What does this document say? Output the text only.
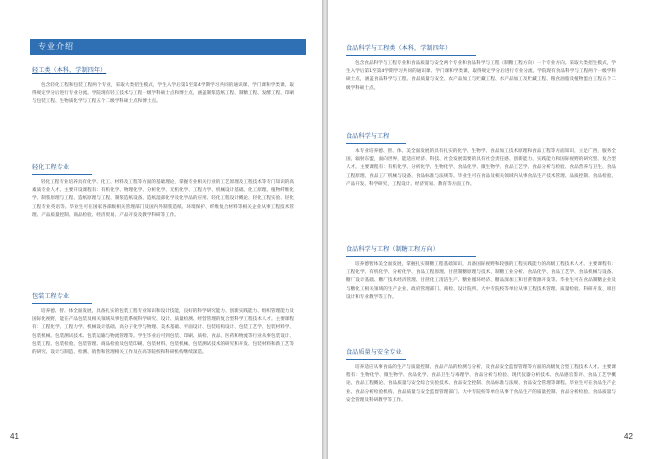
专业介绍
轻工类（本科，学制四年）

包含轻化工程和包装工程两个专业，采取大类招生模式，学生入学后第1至第4学期学习共同的通识课、学门课和学类课，取得规定学分后进行专业分流。学院现有轻工技术与工程一级学科硕士点和博士点，涵盖制浆造纸工程、制糖工程、发酵工程、印刷与包装工程、生物质化学与工程五个二级学科硕士点和博士点。

轻化工程专业

轻化工程专业培养具有化学、化工、材料及工程等方面的基础理论，掌握专业相关行业的工艺原理及工程技术等专门知识的高素质专业人才。主要开设课程有：有机化学、物理化学、分析化学、无机化学、工程力学、机械设计基础、化工原理、植物纤维化学、制浆原理与工程、造纸原理与工程、制浆造纸设备、造纸湿部化学及化学品的应用、轻化工程设计概论、轻化工程实验、轻化工程专业英语等。毕业生可在国家各部级相关管理部门及国内外制浆造纸、环境保护、纤维复合材料等相关企业从事工程技术管理、产品质量控制、商品检验、经济贸易、产品开发及教学科研等工作。

包装工程专业

培养德、智、体全面发展，具备扎实的包装工程专业知识和设计技能，良好的科学研究能力、创新实践能力、组织管理能力及国际化视野，能在产品包装及相关领域从事包装系统科学研究、设计、质量检测、经营管理的复合型科学工程技术人才。主要课程有：工程化学、工程力学、机械设计基础、高分子化学与物理、美术基础、平面设计、包装结构设计、包装工艺学、包装材料学、包装机械、包装测试技术、包装运输与物流管理等。学生毕业后可到包装、印刷、质检、食品、医药和物流等行业从事包装设计、包装工程、包装检验、包装管理、商品检验及包装印刷、包装材料、包装机械、包装测试技术的研究和开发、包装材料和新工艺等的研究、设计与制造、检测、销售和管理相关工作及在高等院校和科研机构继续深造。

41
食品科学与工程类（本科，学制四年）

包含食品科学与工程专业和食品质量与安全两个专业和食品科学与工程（制糖工程方向）一个专业方向。采取大类招生模式，学生入学后第1至第4学期学习共同的通识课、学门课和学类课，取得规定学分后进行专业分流。学院现有食品科学与工程两个一级学科硕士点，涵盖食品科学与工程、食品质量与安全、农产品加工与贮藏工程、水产品加工及贮藏工程、粮食油脂及植物蛋白工程五个二级学科硕士点。

食品科学与工程

本专业培养德、智、体、美全面发展的具有扎实的化学、生物学、食品加工技术原理和食品工程等方面知识，立足广西，服务全国，辐射东盟，面向世界，能适应经济、科技、社会发展需要的具有社会责任感、创新能力、实践能力和国际视野的研究型、复合型人才。主要课程有：有机化学、分析化学、生物化学、食品化学、微生物学、食品工艺学、食品分析与检验、食品营养与卫生、食品工程原理、食品工厂机械与设备、食品标准与法规等。毕业生可在食品及相关领域内从事食品生产技术管理、品质控制、食品检验、产品开发、科学研究、工程设计、经济贸易、教育等方面工作。

食品科学与工程（制糖工程方向）

培养德智体美全面发展，掌握扎实制糖工程基础知识，具备国际视野和较强的工程实践能力的高级工程技术人才。主要课程有：工程化学、有机化学、分析化学、食品工程原理、甘蔗制糖原理与技术、制糖工业分析、食品化学、食品工艺学、食品机械与设备、糖厂设计基础、糖厂技术经济管理、甘蔗化工清洁生产、糖业循环经济、糖品深加工和甘蔗资源开发等。毕业生可在食品制糖企业及与糖化工相关领域的生产企业、政府管理部门、商检、设计院所、大中专院校等单位从事工程技术管理、质量检验、科研开发、项目设计和专业教学等工作。

食品质量与安全专业

培养适应从事食品的生产与质量控制、食品产品的检测与分析，及食品安全监督管理等方面的高级复合型工程技术人才。主要课程有：生物化学、微生物学、食品化学、食品卫生与毒理学、食品分析与检验、现代仪器分析技术、食品感官鉴评、食品工艺学概论、食品工程概论、食品质量与安全综合实验技术、食品安全控制、食品标准与法规、食品安全管理等课程。毕业生可在食品生产企业、食品分析检验机构、食品质量与安全监督管理部门、大中专院校等单位从事于食品生产的质量控制、食品分析检验、食品质量与安全管理及科研教学等工作。

42
